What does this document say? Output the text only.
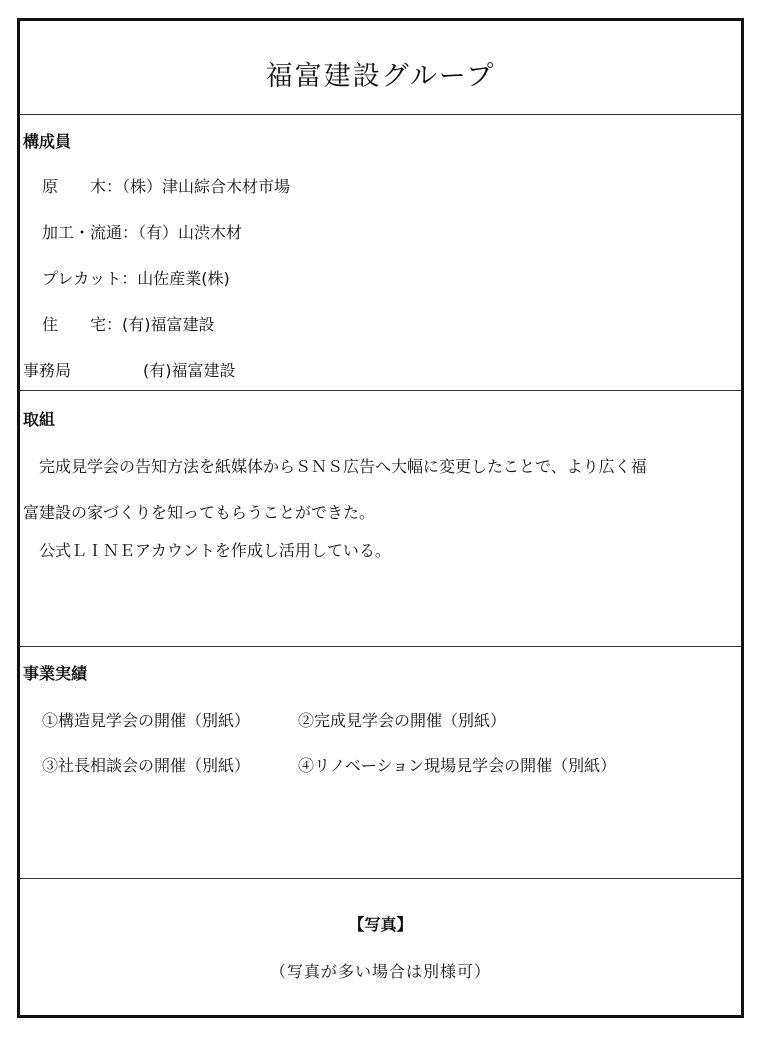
福富建設グループ
構成員
原　　木：（株）津山綜合木材市場
加工・流通：（有）山渋木材
プレカット：山佐産業(株)
住　　宅：(有)福富建設
事務局	(有)福富建設
取組
　完成見学会の告知方法を紙媒体からＳＮＳ広告へ大幅に変更したことで、より広く福
富建設の家づくりを知ってもらうことができた。
　公式ＬＩＮＥアカウントを作成し活用している。
事業実績
①構造見学会の開催（別紙）	②完成見学会の開催（別紙）
③社長相談会の開催（別紙）	④リノベーション現場見学会の開催（別紙）
【写真】
（写真が多い場合は別様可）
